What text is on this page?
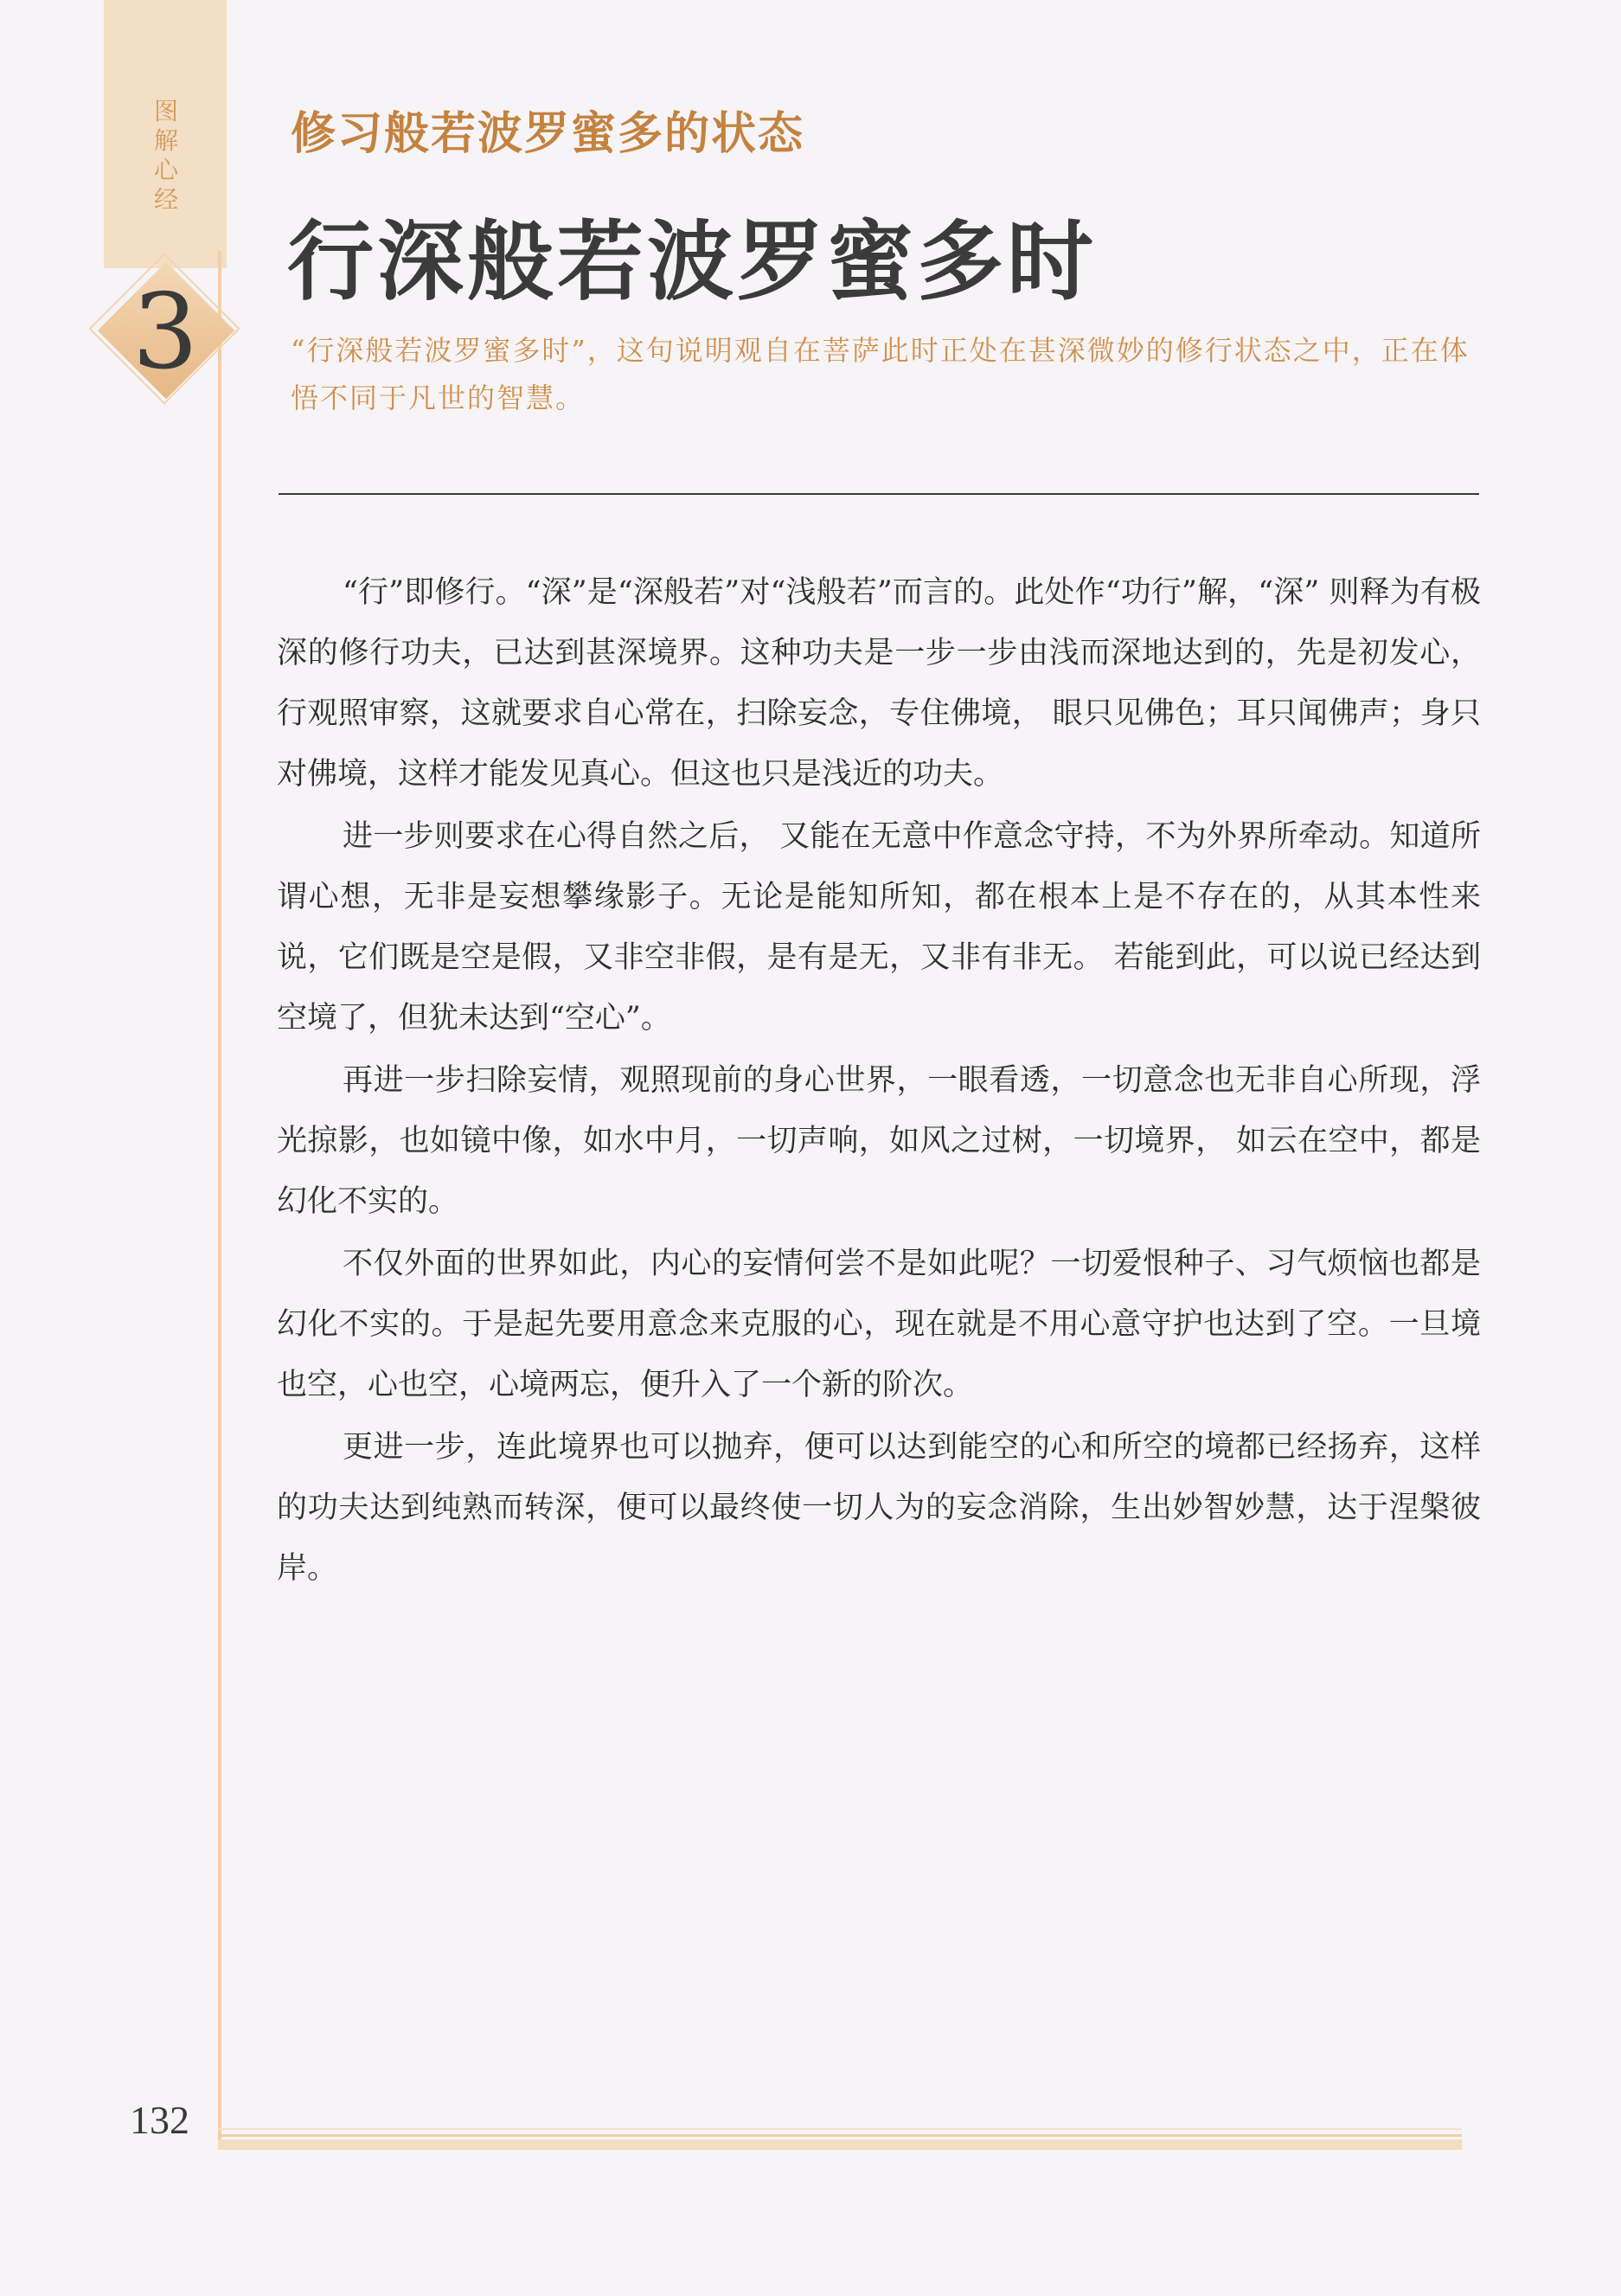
图
解
心
经
3
修习般若波罗蜜多的状态
行深般若波罗蜜多时
“行深般若波罗蜜多时”，这句说明观自在菩萨此时正处在甚深微妙的修行状态之中，正在体悟不同于凡世的智慧。

“行”即修行。“深”是“深般若”对“浅般若”而言的。此处作“功行”解，“深” 则释为有极深的修行功夫，已达到甚深境界。这种功夫是一步一步由浅而深地达到的，先是初发心，行观照审察，这就要求自心常在，扫除妄念，专住佛境， 眼只见佛色；耳只闻佛声；身只对佛境，这样才能发见真心。但这也只是浅近的功夫。

进一步则要求在心得自然之后， 又能在无意中作意念守持，不为外界所牵动。知道所谓心想，无非是妄想攀缘影子。无论是能知所知，都在根本上是不存在的，从其本性来说，它们既是空是假，又非空非假，是有是无，又非有非无。 若能到此，可以说已经达到空境了，但犹未达到“空心”。

再进一步扫除妄情，观照现前的身心世界，一眼看透，一切意念也无非自心所现，浮光掠影，也如镜中像，如水中月，一切声响，如风之过树，一切境界， 如云在空中，都是幻化不实的。

不仅外面的世界如此，内心的妄情何尝不是如此呢？一切爱恨种子、习气烦恼也都是幻化不实的。于是起先要用意念来克服的心，现在就是不用心意守护也达到了空。一旦境也空，心也空，心境两忘，便升入了一个新的阶次。

更进一步，连此境界也可以抛弃，便可以达到能空的心和所空的境都已经扬弃，这样的功夫达到纯熟而转深，便可以最终使一切人为的妄念消除，生出妙智妙慧，达于涅槃彼岸。

132
